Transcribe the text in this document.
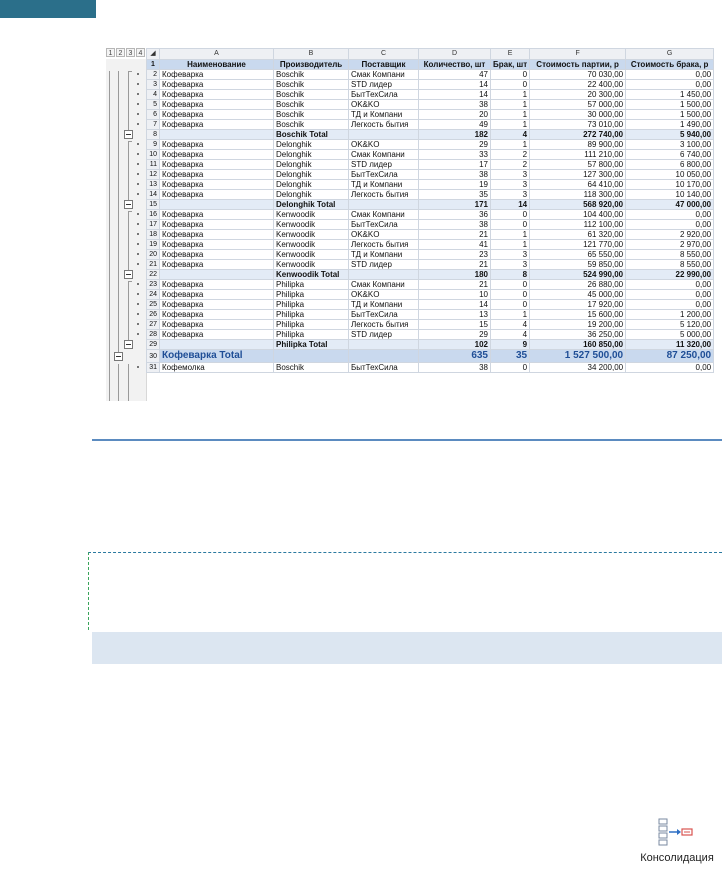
1 2 3 4	◢	A	B	C	D	E	F	G
1	Наименование	Производитель	Поставщик	Количество, шт	Брак, шт	Стоимость партии, р	Стоимость брака, р
2	Кофеварка	Boschik	Смак Компани	47	0	70 030,00	0,00
3	Кофеварка	Boschik	STD лидер	14	0	22 400,00	0,00
4	Кофеварка	Boschik	БытТехСила	14	1	20 300,00	1 450,00
5	Кофеварка	Boschik	OK&KO	38	1	57 000,00	1 500,00
6	Кофеварка	Boschik	ТД и Компани	20	1	30 000,00	1 500,00
7	Кофеварка	Boschik	Легкость бытия	49	1	73 010,00	1 490,00
8		Boschik Total		182	4	272 740,00	5 940,00
9	Кофеварка	Delonghik	OK&KO	29	1	89 900,00	3 100,00
10	Кофеварка	Delonghik	Смак Компани	33	2	111 210,00	6 740,00
11	Кофеварка	Delonghik	STD лидер	17	2	57 800,00	6 800,00
12	Кофеварка	Delonghik	БытТехСила	38	3	127 300,00	10 050,00
13	Кофеварка	Delonghik	ТД и Компани	19	3	64 410,00	10 170,00
14	Кофеварка	Delonghik	Легкость бытия	35	3	118 300,00	10 140,00
15		Delonghik Total		171	14	568 920,00	47 000,00
16	Кофеварка	Kenwoodik	Смак Компани	36	0	104 400,00	0,00
17	Кофеварка	Kenwoodik	БытТехСила	38	0	112 100,00	0,00
18	Кофеварка	Kenwoodik	OK&KO	21	1	61 320,00	2 920,00
19	Кофеварка	Kenwoodik	Легкость бытия	41	1	121 770,00	2 970,00
20	Кофеварка	Kenwoodik	ТД и Компани	23	3	65 550,00	8 550,00
21	Кофеварка	Kenwoodik	STD лидер	21	3	59 850,00	8 550,00
22		Kenwoodik Total		180	8	524 990,00	22 990,00
23	Кофеварка	Philipka	Смак Компани	21	0	26 880,00	0,00
24	Кофеварка	Philipka	OK&KO	10	0	45 000,00	0,00
25	Кофеварка	Philipka	ТД и Компани	14	0	17 920,00	0,00
26	Кофеварка	Philipka	БытТехСила	13	1	15 600,00	1 200,00
27	Кофеварка	Philipka	Легкость бытия	15	4	19 200,00	5 120,00
28	Кофеварка	Philipka	STD лидер	29	4	36 250,00	5 000,00
29		Philipka Total		102	9	160 850,00	11 320,00
30	Кофеварка Total			635	35	1 527 500,00	87 250,00
31	Кофемолка	Boschik	БытТехСила	38	0	34 200,00	0,00
Консолидация
